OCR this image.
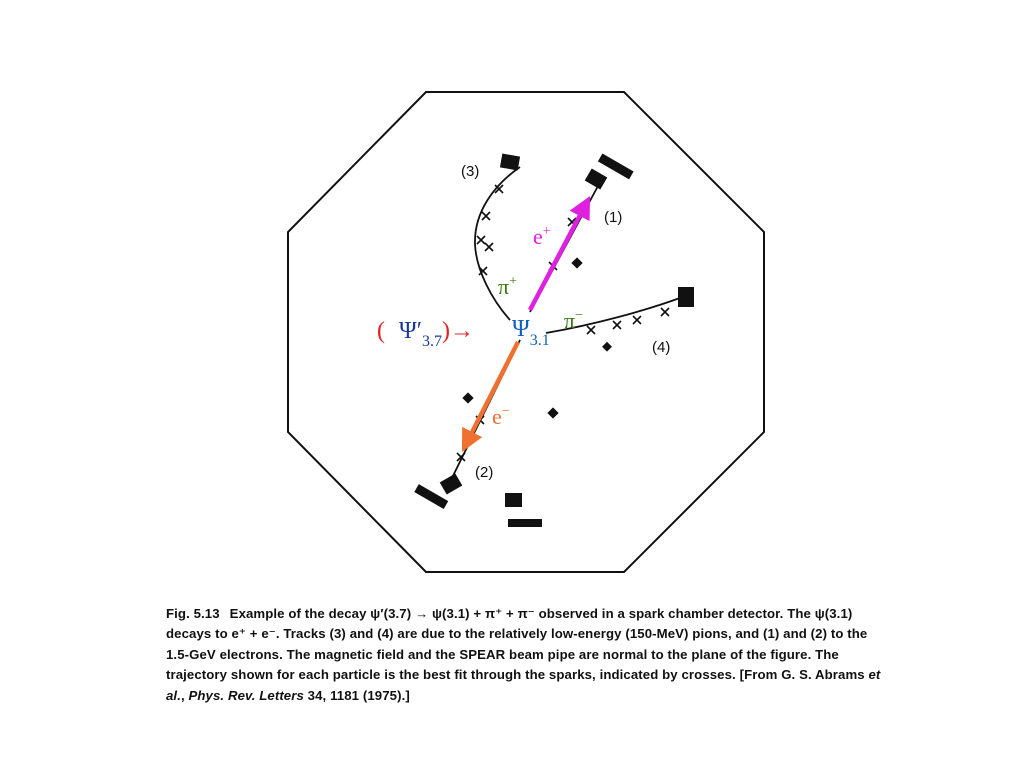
(3)
(1)
(4)
(2)
e+
π+
π−
e−
( $\Psi'_{3.7})\to \Psi_{3.1}$
Fig. 5.13 Example of the decay ψ′(3.7) → ψ(3.1) + π⁺ + π⁻ observed in a spark chamber detector. The ψ(3.1) decays to e⁺ + e⁻. Tracks (3) and (4) are due to the relatively low-energy (150-MeV) pions, and (1) and (2) to the 1.5-GeV electrons. The magnetic field and the SPEAR beam pipe are normal to the plane of the figure. The trajectory shown for each particle is the best fit through the sparks, indicated by crosses. [From G. S. Abrams et al., Phys. Rev. Letters 34, 1181 (1975).]
